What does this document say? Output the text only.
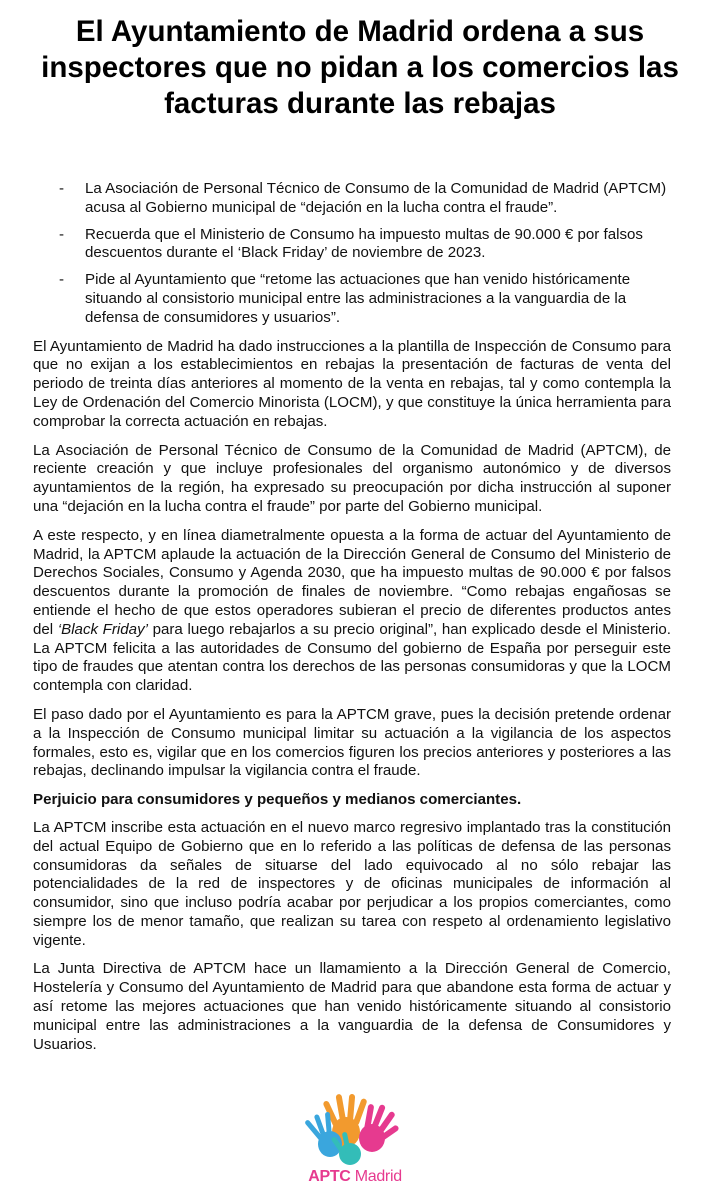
El Ayuntamiento de Madrid ordena a sus inspectores que no pidan a los comercios las facturas durante las rebajas
- La Asociación de Personal Técnico de Consumo de la Comunidad de Madrid (APTCM) acusa al Gobierno municipal de “dejación en la lucha contra el fraude”.
- Recuerda que el Ministerio de Consumo ha impuesto multas de 90.000 € por falsos descuentos durante el ‘Black Friday’ de noviembre de 2023.
- Pide al Ayuntamiento que “retome las actuaciones que han venido históricamente situando al consistorio municipal entre las administraciones a la vanguardia de la defensa de consumidores y usuarios”.

El Ayuntamiento de Madrid ha dado instrucciones a la plantilla de Inspección de Consumo para que no exijan a los establecimientos en rebajas la presentación de facturas de venta del periodo de treinta días anteriores al momento de la venta en rebajas, tal y como contempla la Ley de Ordenación del Comercio Minorista (LOCM), y que constituye la única herramienta para comprobar la correcta actuación en rebajas.

La Asociación de Personal Técnico de Consumo de la Comunidad de Madrid (APTCM), de reciente creación y que incluye profesionales del organismo autonómico y de diversos ayuntamientos de la región, ha expresado su preocupación por dicha instrucción al suponer una “dejación en la lucha contra el fraude” por parte del Gobierno municipal.

A este respecto, y en línea diametralmente opuesta a la forma de actuar del Ayuntamiento de Madrid, la APTCM aplaude la actuación de la Dirección General de Consumo del Ministerio de Derechos Sociales, Consumo y Agenda 2030, que ha impuesto multas de 90.000 € por falsos descuentos durante la promoción de finales de noviembre. “Como rebajas engañosas se entiende el hecho de que estos operadores subieran el precio de diferentes productos antes del ‘Black Friday’ para luego rebajarlos a su precio original”, han explicado desde el Ministerio. La APTCM felicita a las autoridades de Consumo del gobierno de España por perseguir este tipo de fraudes que atentan contra los derechos de las personas consumidoras y que la LOCM contempla con claridad.

El paso dado por el Ayuntamiento es para la APTCM grave, pues la decisión pretende ordenar a la Inspección de Consumo municipal limitar su actuación a la vigilancia de los aspectos formales, esto es, vigilar que en los comercios figuren los precios anteriores y posteriores a las rebajas, declinando impulsar la vigilancia contra el fraude.

Perjuicio para consumidores y pequeños y medianos comerciantes.

La APTCM inscribe esta actuación en el nuevo marco regresivo implantado tras la constitución del actual Equipo de Gobierno que en lo referido a las políticas de defensa de las personas consumidoras da señales de situarse del lado equivocado al no sólo rebajar las potencialidades de la red de inspectores y de oficinas municipales de información al consumidor, sino que incluso podría acabar por perjudicar a los propios comerciantes, como siempre los de menor tamaño, que realizan su tarea con respeto al ordenamiento legislativo vigente.

La Junta Directiva de APTCM hace un llamamiento a la Dirección General de Comercio, Hostelería y Consumo del Ayuntamiento de Madrid para que abandone esta forma de actuar y así retome las mejores actuaciones que han venido históricamente situando al consistorio municipal entre las administraciones a la vanguardia de la defensa de Consumidores y Usuarios.

APTC Madrid
